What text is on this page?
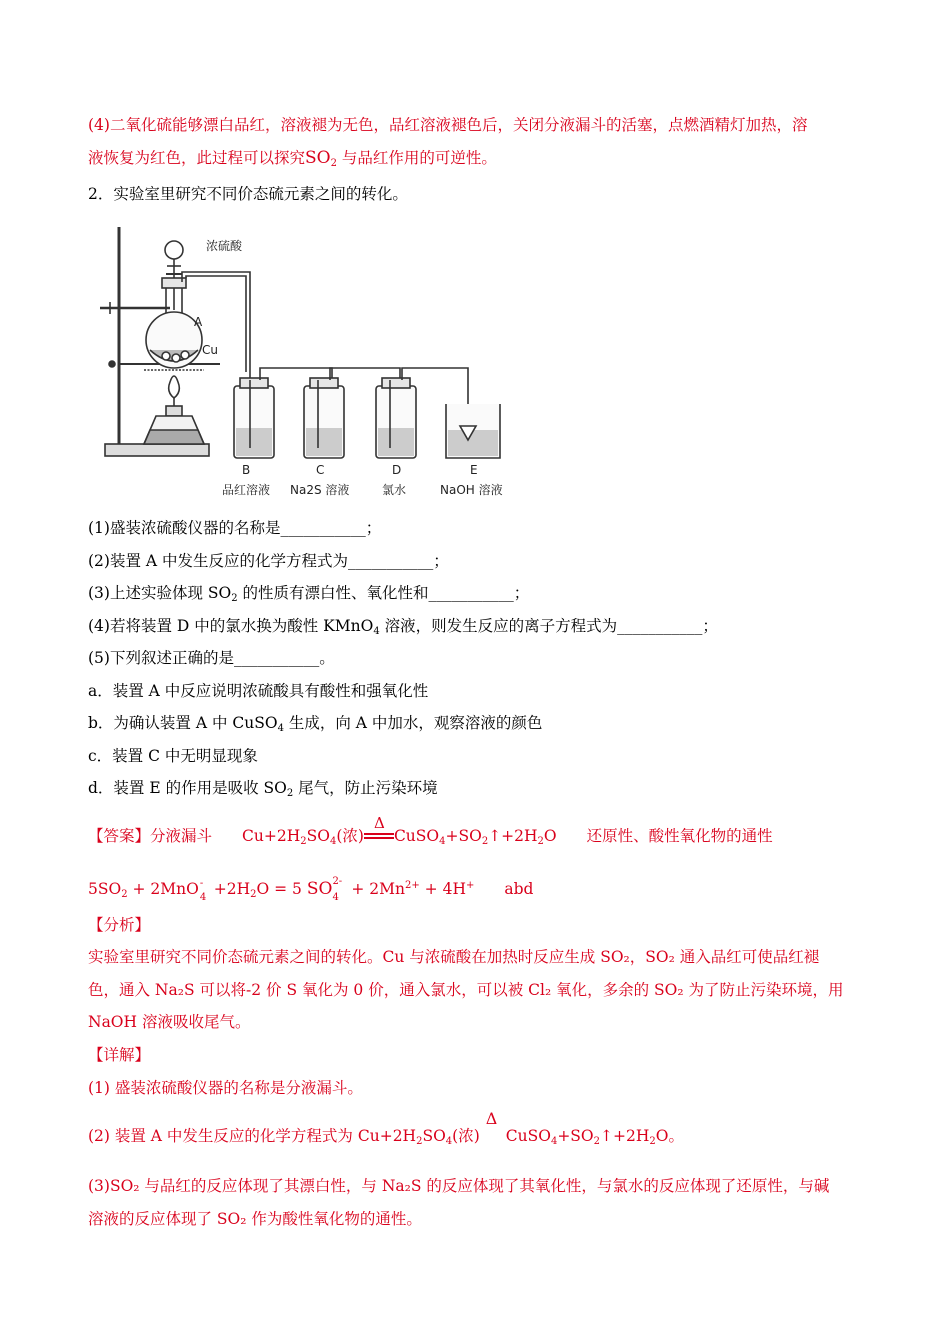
(4)二氧化硫能够漂白品红，溶液褪为无色，品红溶液褪色后，关闭分液漏斗的活塞，点燃酒精灯加热，溶
液恢复为红色，此过程可以探究$SO_2$ 与品红作用的可逆性。
2．实验室里研究不同价态硫元素之间的转化。
浓硫酸
A
Cu
B
品红溶液
C
Na2S 溶液
D
氯水
E
NaOH 溶液
(1)盛装浓硫酸仪器的名称是___________；
(2)装置 A 中发生反应的化学方程式为___________；
(3)上述实验体现 $SO_2$ 的性质有漂白性、氧化性和___________；
(4)若将装置 D 中的氯水换为酸性 KMnO$_4$ 溶液，则发生反应的离子方程式为___________；
(5)下列叙述正确的是___________。
a．装置 A 中反应说明浓硫酸具有酸性和强氧化性
b．为确认装置 A 中 CuSO$_4$ 生成，向 A 中加水，观察溶液的颜色
c．装置 C 中无明显现象
d．装置 E 的作用是吸收 $SO_2$ 尾气，防止污染环境
【答案】分液漏斗 $Cu+2H_2SO_4$(浓)
Δ
$CuSO_4+SO_2↑+2H_2O$ 还原性、酸性氧化物的通性
$5SO_2 + 2MnO$ -
$4 +2H_2O = 5$ SO 2-
$4 + 2Mn^{2+} + 4H^+$ abd
【分析】
实验室里研究不同价态硫元素之间的转化。Cu 与浓硫酸在加热时反应生成 SO₂，SO₂ 通入品红可使品红褪
色，通入 Na₂S 可以将-2 价 S 氧化为 0 价，通入氯水，可以被 Cl₂ 氧化，多余的 SO₂ 为了防止污染环境，用
NaOH 溶液吸收尾气。
【详解】
(1) 盛装浓硫酸仪器的名称是分液漏斗。
(2) 装置 A 中发生反应的化学方程式为 $Cu+2H_2SO_4$(浓)
Δ
$CuSO_4+SO_2↑+2H_2O$。
(3)SO₂ 与品红的反应体现了其漂白性，与 Na₂S 的反应体现了其氧化性，与氯水的反应体现了还原性，与碱
溶液的反应体现了 SO₂ 作为酸性氧化物的通性。
